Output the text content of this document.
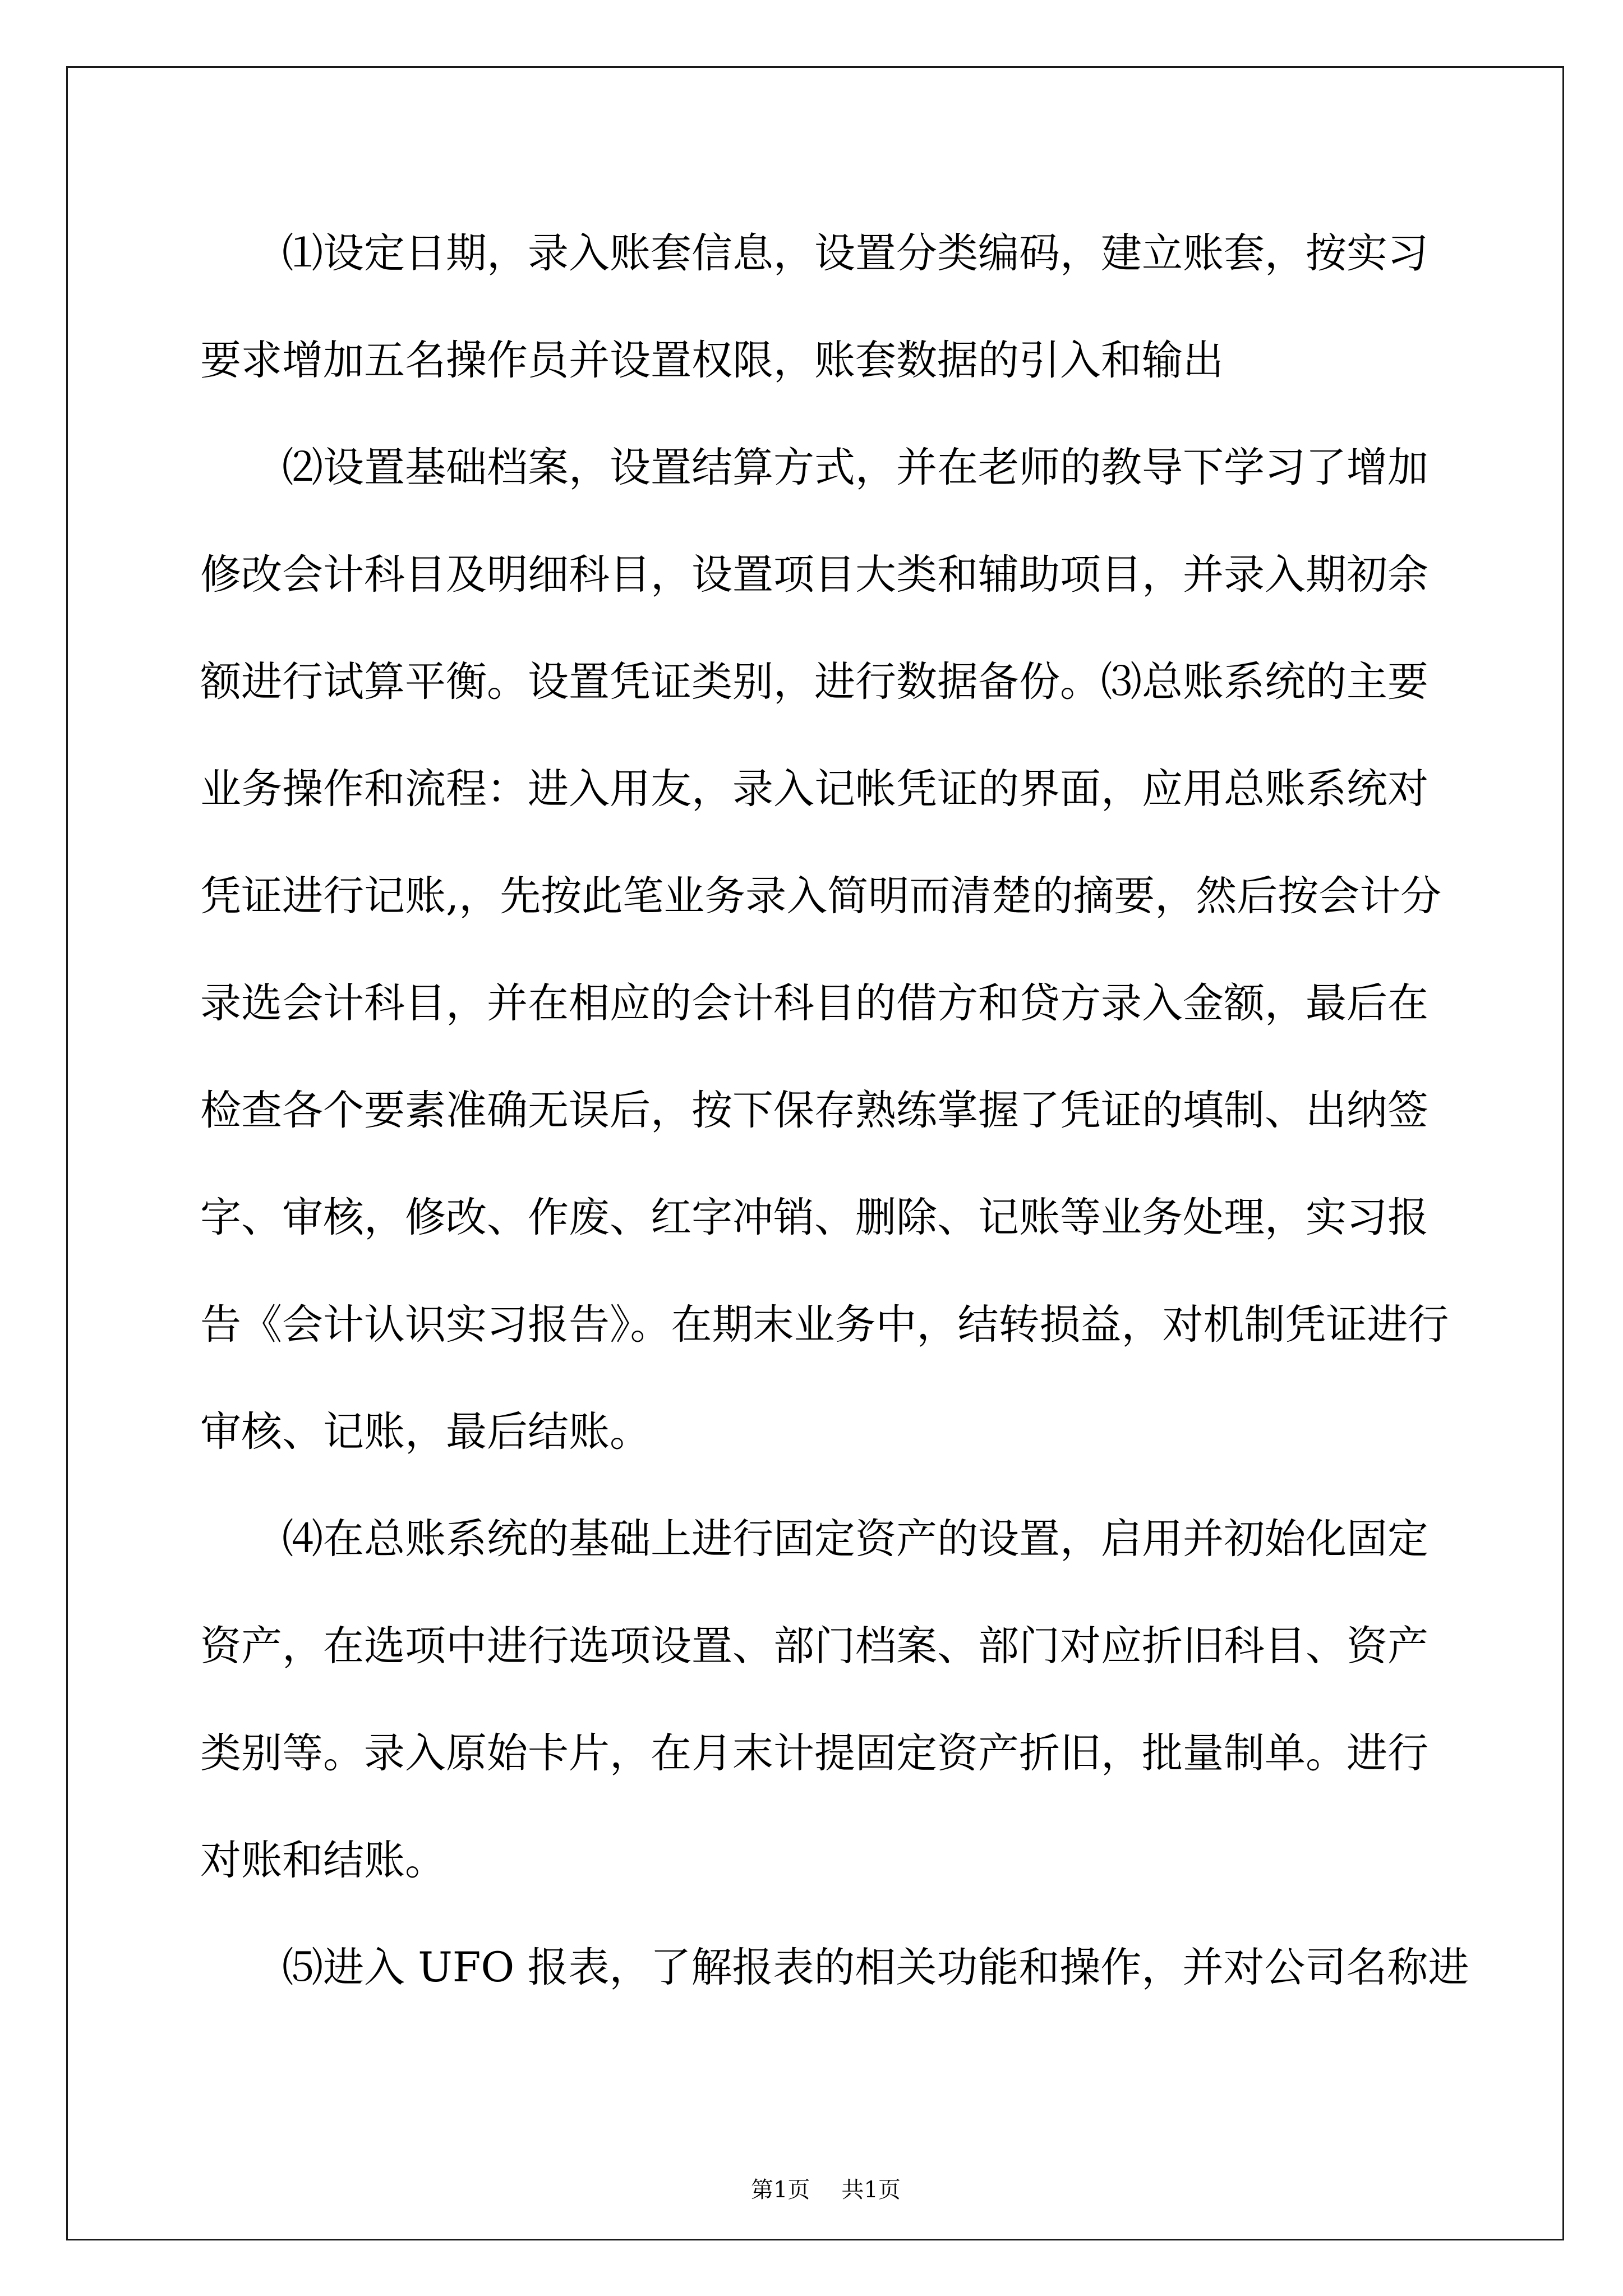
⑴设定日期，录入账套信息，设置分类编码，建立账套，按实习
要求增加五名操作员并设置权限，账套数据的引入和输出
⑵设置基础档案，设置结算方式，并在老师的教导下学习了增加
修改会计科目及明细科目，设置项目大类和辅助项目，并录入期初余
额进行试算平衡。设置凭证类别，进行数据备份。⑶总账系统的主要
业务操作和流程：进入用友，录入记帐凭证的界面，应用总账系统对
凭证进行记账,，先按此笔业务录入简明而清楚的摘要，然后按会计分
录选会计科目，并在相应的会计科目的借方和贷方录入金额，最后在
检查各个要素准确无误后，按下保存熟练掌握了凭证的填制、出纳签
字、审核，修改、作废、红字冲销、删除、记账等业务处理，实习报
告《会计认识实习报告》。在期末业务中，结转损益，对机制凭证进行
审核、记账，最后结账。
⑷在总账系统的基础上进行固定资产的设置，启用并初始化固定
资产，在选项中进行选项设置、部门档案、部门对应折旧科目、资产
类别等。录入原始卡片，在月末计提固定资产折旧，批量制单。进行
对账和结账。
⑸进入 UFO 报表，了解报表的相关功能和操作，并对公司名称进

第1页 共1页
